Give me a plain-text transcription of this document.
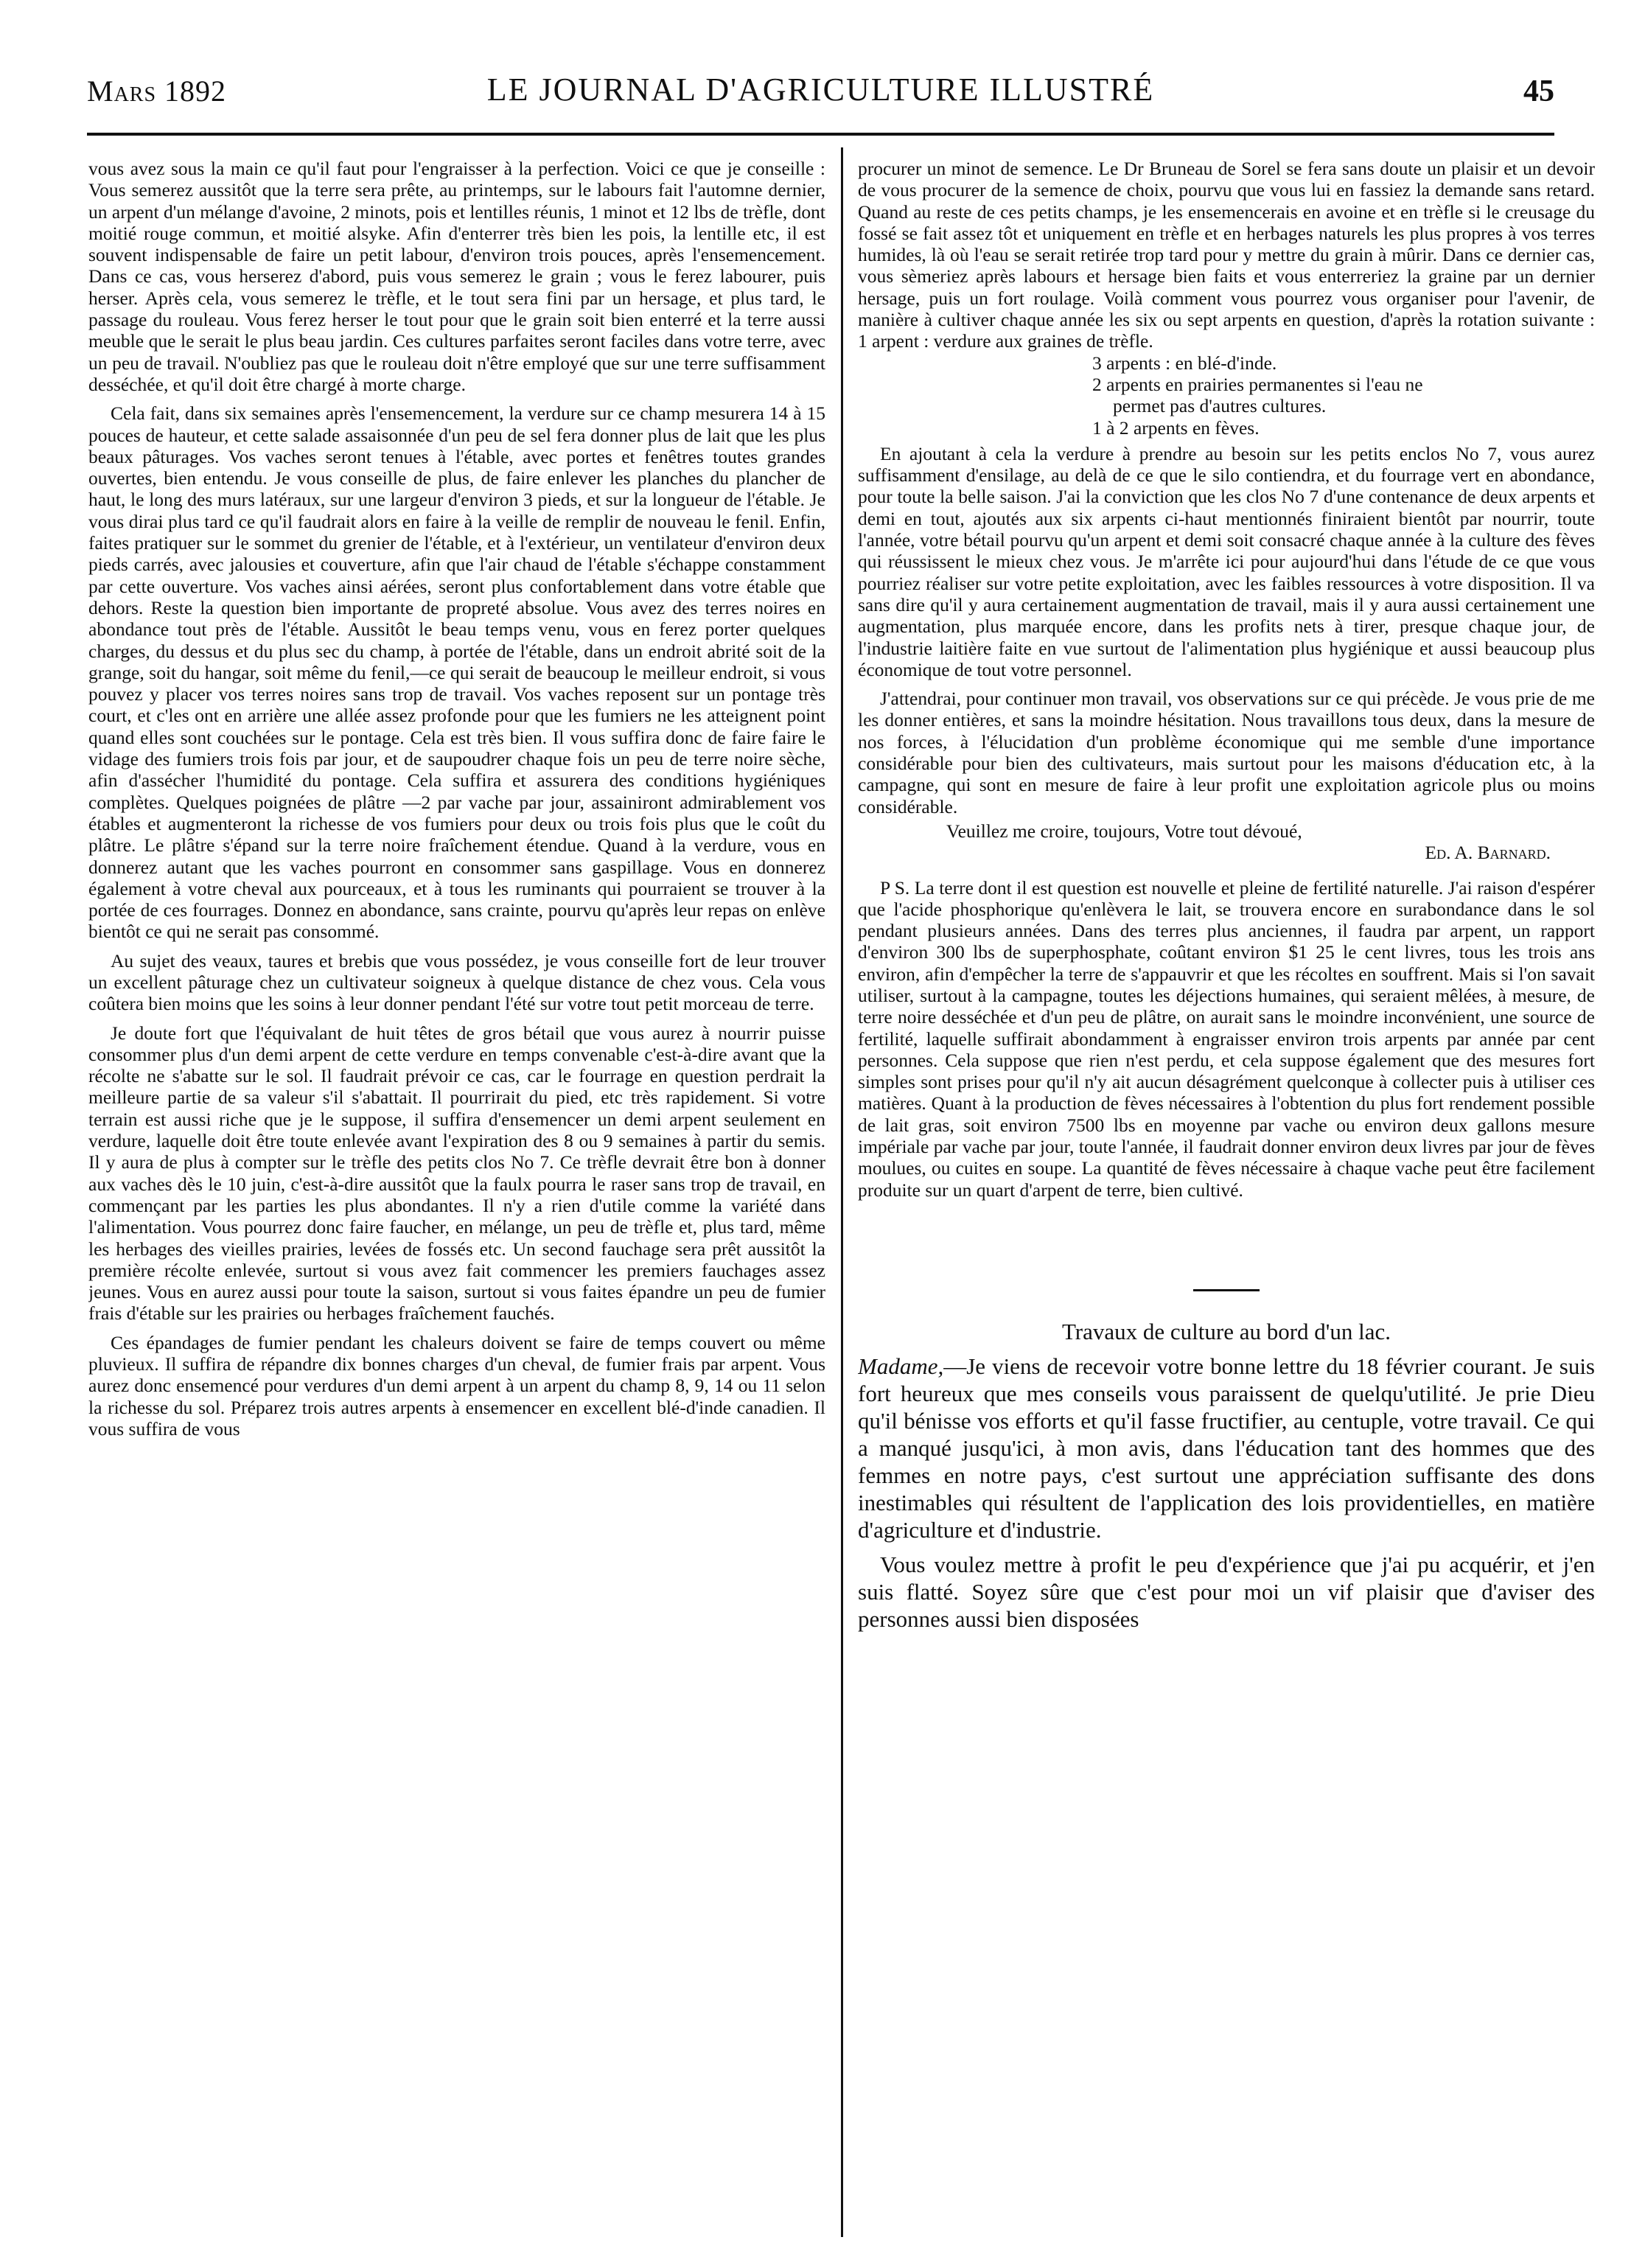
Mars 1892	LE JOURNAL D'AGRICULTURE ILLUSTRÉ	45

vous avez sous la main ce qu'il faut pour l'engraisser à la perfection. Voici ce que je conseille : Vous semerez aussitôt que la terre sera prête, au printemps, sur le labours fait l'automne dernier, un arpent d'un mélange d'avoine, 2 minots, pois et lentilles réunis, 1 minot et 12 lbs de trèfle, dont moitié rouge commun, et moitié alsyke. Afin d'enterrer très bien les pois, la lentille etc, il est souvent indispensable de faire un petit labour, d'environ trois pouces, après l'ensemencement. Dans ce cas, vous herserez d'abord, puis vous semerez le grain ; vous le ferez labourer, puis herser. Après cela, vous semerez le trèfle, et le tout sera fini par un hersage, et plus tard, le passage du rouleau. Vous ferez herser le tout pour que le grain soit bien enterré et la terre aussi meuble que le serait le plus beau jardin. Ces cultures parfaites seront faciles dans votre terre, avec un peu de travail. N'oubliez pas que le rouleau doit n'être employé que sur une terre suffisamment desséchée, et qu'il doit être chargé à morte charge.

Cela fait, dans six semaines après l'ensemencement, la verdure sur ce champ mesurera 14 à 15 pouces de hauteur, et cette salade assaisonnée d'un peu de sel fera donner plus de lait que les plus beaux pâturages. Vos vaches seront tenues à l'étable, avec portes et fenêtres toutes grandes ouvertes, bien entendu. Je vous conseille de plus, de faire enlever les planches du plancher de haut, le long des murs latéraux, sur une largeur d'environ 3 pieds, et sur la longueur de l'étable. Je vous dirai plus tard ce qu'il faudrait alors en faire à la veille de remplir de nouveau le fenil. Enfin, faites pratiquer sur le sommet du grenier de l'étable, et à l'extérieur, un ventilateur d'environ deux pieds carrés, avec jalousies et couverture, afin que l'air chaud de l'étable s'échappe constamment par cette ouverture. Vos vaches ainsi aérées, seront plus confortablement dans votre étable que dehors. Reste la question bien importante de propreté absolue. Vous avez des terres noires en abondance tout près de l'étable. Aussitôt le beau temps venu, vous en ferez porter quelques charges, du dessus et du plus sec du champ, à portée de l'étable, dans un endroit abrité soit de la grange, soit du hangar, soit même du fenil,—ce qui serait de beaucoup le meilleur endroit, si vous pouvez y placer vos terres noires sans trop de travail. Vos vaches reposent sur un pontage très court, et c'les ont en arrière une allée assez profonde pour que les fumiers ne les atteignent point quand elles sont couchées sur le pontage. Cela est très bien. Il vous suffira donc de faire faire le vidage des fumiers trois fois par jour, et de saupoudrer chaque fois un peu de terre noire sèche, afin d'assécher l'humidité du pontage. Cela suffira et assurera des conditions hygiéniques complètes. Quelques poignées de plâtre —2 par vache par jour, assainiront admirablement vos étables et augmenteront la richesse de vos fumiers pour deux ou trois fois plus que le coût du plâtre. Le plâtre s'épand sur la terre noire fraîchement étendue. Quand à la verdure, vous en donnerez autant que les vaches pourront en consommer sans gaspillage. Vous en donnerez également à votre cheval aux pourceaux, et à tous les ruminants qui pourraient se trouver à la portée de ces fourrages. Donnez en abondance, sans crainte, pourvu qu'après leur repas on enlève bientôt ce qui ne serait pas consommé.

Au sujet des veaux, taures et brebis que vous possédez, je vous conseille fort de leur trouver un excellent pâturage chez un cultivateur soigneux à quelque distance de chez vous. Cela vous coûtera bien moins que les soins à leur donner pendant l'été sur votre tout petit morceau de terre.

Je doute fort que l'équivalant de huit têtes de gros bétail que vous aurez à nourrir puisse consommer plus d'un demi arpent de cette verdure en temps convenable c'est-à-dire avant que la récolte ne s'abatte sur le sol. Il faudrait prévoir ce cas, car le fourrage en question perdrait la meilleure partie de sa valeur s'il s'abattait. Il pourrirait du pied, etc très rapidement. Si votre terrain est aussi riche que je le suppose, il suffira d'ensemencer un demi arpent seulement en verdure, laquelle doit être toute enlevée avant l'expiration des 8 ou 9 semaines à partir du semis. Il y aura de plus à compter sur le trèfle des petits clos No 7. Ce trèfle devrait être bon à donner aux vaches dès le 10 juin, c'est-à-dire aussitôt que la faulx pourra le raser sans trop de travail, en commençant par les parties les plus abondantes. Il n'y a rien d'utile comme la variété dans l'alimentation. Vous pourrez donc faire faucher, en mélange, un peu de trèfle et, plus tard, même les herbages des vieilles prairies, levées de fossés etc. Un second fauchage sera prêt aussitôt la première récolte enlevée, surtout si vous avez fait commencer les premiers fauchages assez jeunes. Vous en aurez aussi pour toute la saison, surtout si vous faites épandre un peu de fumier frais d'étable sur les prairies ou herbages fraîchement fauchés.

Ces épandages de fumier pendant les chaleurs doivent se faire de temps couvert ou même pluvieux. Il suffira de répandre dix bonnes charges d'un cheval, de fumier frais par arpent. Vous aurez donc ensemencé pour verdures d'un demi arpent à un arpent du champ 8, 9, 14 ou 11 selon la richesse du sol. Préparez trois autres arpents à ensemencer en excellent blé-d'inde canadien. Il vous suffira de vous

procurer un minot de semence. Le Dr Bruneau de Sorel se fera sans doute un plaisir et un devoir de vous procurer de la semence de choix, pourvu que vous lui en fassiez la demande sans retard. Quand au reste de ces petits champs, je les ensemencerais en avoine et en trèfle si le creusage du fossé se fait assez tôt et uniquement en trèfle et en herbages naturels les plus propres à vos terres humides, là où l'eau se serait retirée trop tard pour y mettre du grain à mûrir. Dans ce dernier cas, vous sèmeriez après labours et hersage bien faits et vous enterreriez la graine par un dernier hersage, puis un fort roulage. Voilà comment vous pourrez vous organiser pour l'avenir, de manière à cultiver chaque année les six ou sept arpents en question, d'après la rotation suivante : 1 arpent : verdure aux graines de trèfle.

3 arpents : en blé-d'inde.
2 arpents en prairies permanentes si l'eau ne
permet pas d'autres cultures.
1 à 2 arpents en fèves.

En ajoutant à cela la verdure à prendre au besoin sur les petits enclos No 7, vous aurez suffisamment d'ensilage, au delà de ce que le silo contiendra, et du fourrage vert en abondance, pour toute la belle saison. J'ai la conviction que les clos No 7 d'une contenance de deux arpents et demi en tout, ajoutés aux six arpents ci-haut mentionnés finiraient bientôt par nourrir, toute l'année, votre bétail pourvu qu'un arpent et demi soit consacré chaque année à la culture des fèves qui réussissent le mieux chez vous. Je m'arrête ici pour aujourd'hui dans l'étude de ce que vous pourriez réaliser sur votre petite exploitation, avec les faibles ressources à votre disposition. Il va sans dire qu'il y aura certainement augmentation de travail, mais il y aura aussi certainement une augmentation, plus marquée encore, dans les profits nets à tirer, presque chaque jour, de l'industrie laitière faite en vue surtout de l'alimentation plus hygiénique et aussi beaucoup plus économique de tout votre personnel.

J'attendrai, pour continuer mon travail, vos observations sur ce qui précède. Je vous prie de me les donner entières, et sans la moindre hésitation. Nous travaillons tous deux, dans la mesure de nos forces, à l'élucidation d'un problème économique qui me semble d'une importance considérable pour bien des cultivateurs, mais surtout pour les maisons d'éducation etc, à la campagne, qui sont en mesure de faire à leur profit une exploitation agricole plus ou moins considérable.

Veuillez me croire, toujours, Votre tout dévoué,
Ed. A. Barnard.

P S. La terre dont il est question est nouvelle et pleine de fertilité naturelle. J'ai raison d'espérer que l'acide phosphorique qu'enlèvera le lait, se trouvera encore en surabondance dans le sol pendant plusieurs années. Dans des terres plus anciennes, il faudra par arpent, un rapport d'environ 300 lbs de superphosphate, coûtant environ $1 25 le cent livres, tous les trois ans environ, afin d'empêcher la terre de s'appauvrir et que les récoltes en souffrent. Mais si l'on savait utiliser, surtout à la campagne, toutes les déjections humaines, qui seraient mêlées, à mesure, de terre noire desséchée et d'un peu de plâtre, on aurait sans le moindre inconvénient, une source de fertilité, laquelle suffirait abondamment à engraisser environ trois arpents par année par cent personnes. Cela suppose que rien n'est perdu, et cela suppose également que des mesures fort simples sont prises pour qu'il n'y ait aucun désagrément quelconque à collecter puis à utiliser ces matières. Quant à la production de fèves nécessaires à l'obtention du plus fort rendement possible de lait gras, soit environ 7500 lbs en moyenne par vache ou environ deux gallons mesure impériale par vache par jour, toute l'année, il faudrait donner environ deux livres par jour de fèves moulues, ou cuites en soupe. La quantité de fèves nécessaire à chaque vache peut être facilement produite sur un quart d'arpent de terre, bien cultivé.

Travaux de culture au bord d'un lac.

Madame,—Je viens de recevoir votre bonne lettre du 18 février courant. Je suis fort heureux que mes conseils vous paraissent de quelqu'utilité. Je prie Dieu qu'il bénisse vos efforts et qu'il fasse fructifier, au centuple, votre travail. Ce qui a manqué jusqu'ici, à mon avis, dans l'éducation tant des hommes que des femmes en notre pays, c'est surtout une appréciation suffisante des dons inestimables qui résultent de l'application des lois providentielles, en matière d'agriculture et d'industrie.

Vous voulez mettre à profit le peu d'expérience que j'ai pu acquérir, et j'en suis flatté. Soyez sûre que c'est pour moi un vif plaisir que d'aviser des personnes aussi bien disposées
